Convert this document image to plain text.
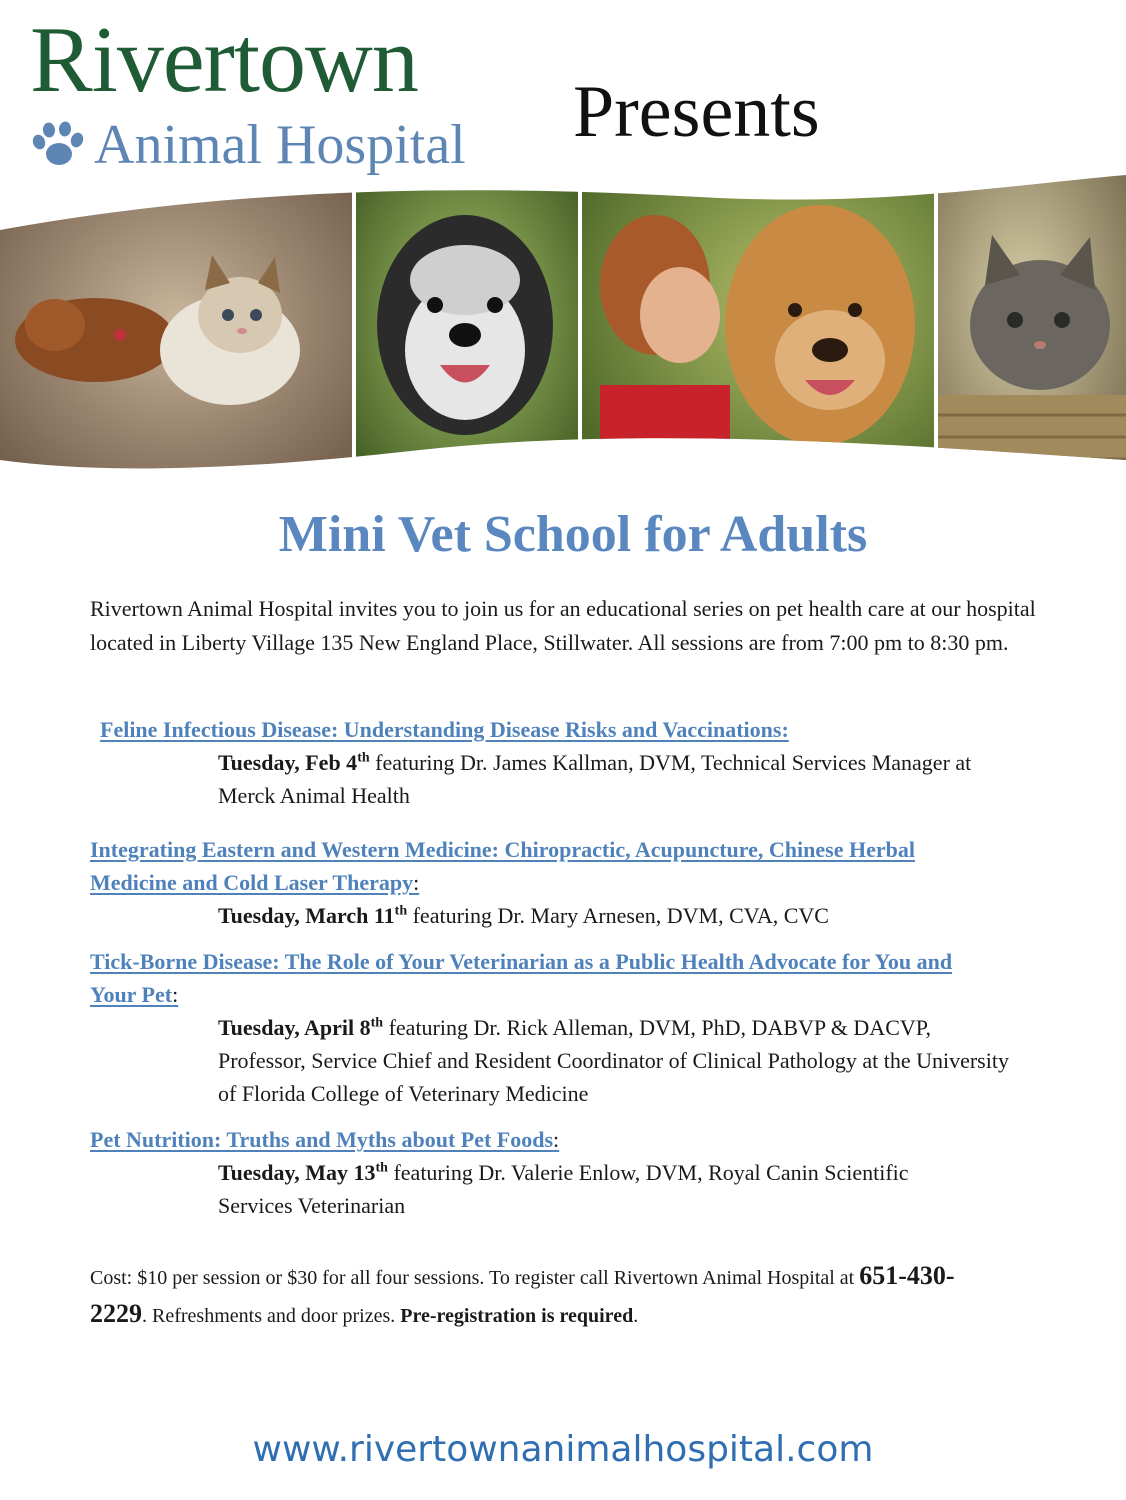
Rivertown
Animal Hospital Presents
Mini Vet School for Adults

Rivertown Animal Hospital invites you to join us for an educational series on pet health care at our hospital located in Liberty Village 135 New England Place, Stillwater. All sessions are from 7:00 pm to 8:30 pm.

Feline Infectious Disease: Understanding Disease Risks and Vaccinations:
Tuesday, Feb 4th featuring Dr. James Kallman, DVM, Technical Services Manager at Merck Animal Health
Integrating Eastern and Western Medicine: Chiropractic, Acupuncture, Chinese Herbal Medicine and Cold Laser Therapy:
Tuesday, March 11th featuring Dr. Mary Arnesen, DVM, CVA, CVC
Tick-Borne Disease: The Role of Your Veterinarian as a Public Health Advocate for You and Your Pet:
Tuesday, April 8th featuring Dr. Rick Alleman, DVM, PhD, DABVP & DACVP, Professor, Service Chief and Resident Coordinator of Clinical Pathology at the University of Florida College of Veterinary Medicine
Pet Nutrition: Truths and Myths about Pet Foods:
Tuesday, May 13th featuring Dr. Valerie Enlow, DVM, Royal Canin Scientific Services Veterinarian

Cost: $10 per session or $30 for all four sessions. To register call Rivertown Animal Hospital at 651-430-2229. Refreshments and door prizes. Pre-registration is required.

www.rivertownanimalhospital.com
